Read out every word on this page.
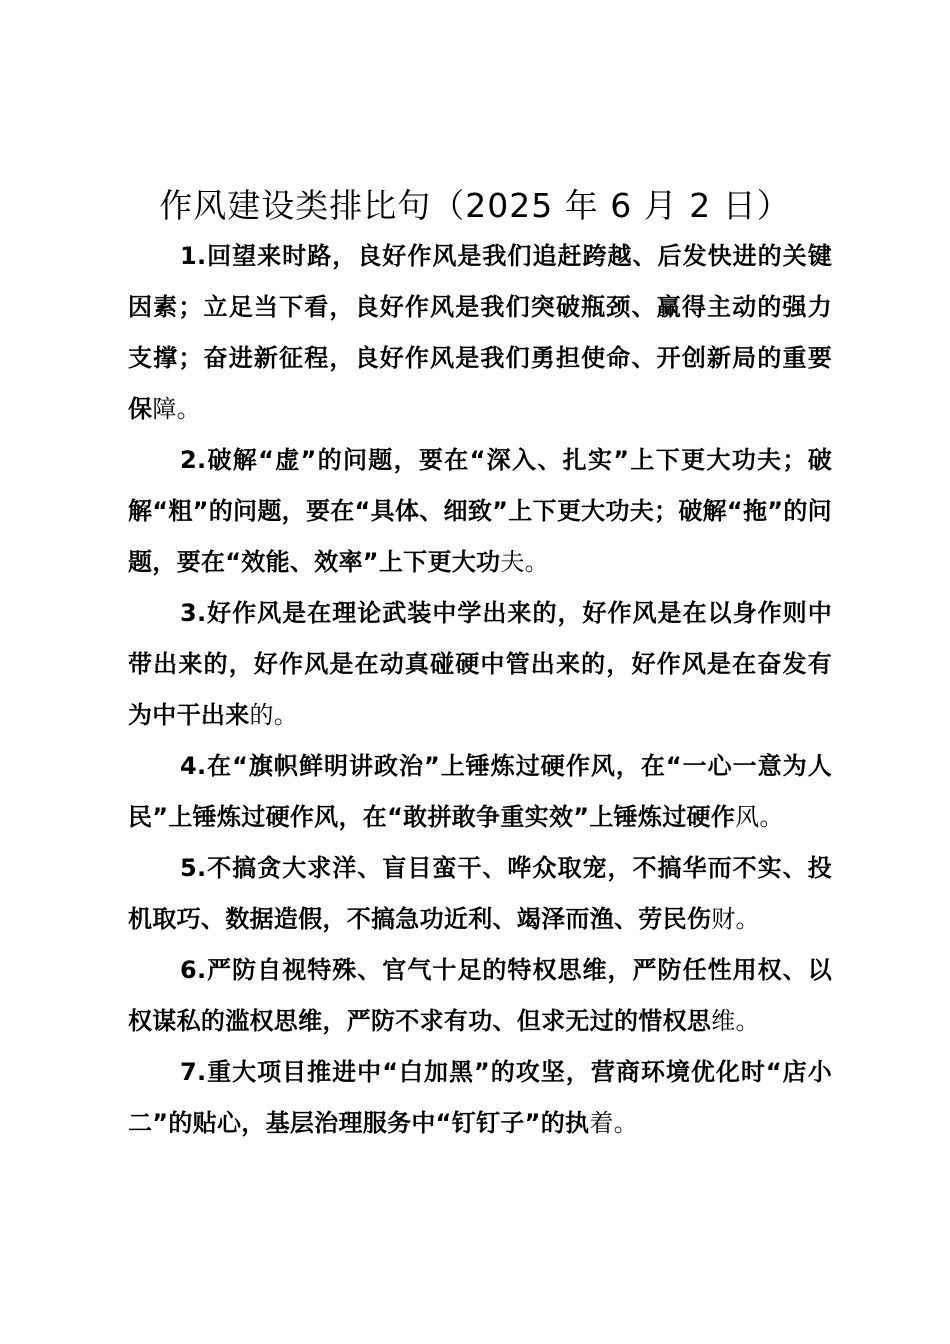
作风建设类排比句（2025 年 6 月 2 日）

1.回望来时路，良好作风是我们追赶跨越、后发快进的关键因素；立足当下看，良好作风是我们突破瓶颈、赢得主动的强力支撑；奋进新征程，良好作风是我们勇担使命、开创新局的重要保障。

2.破解“虚”的问题，要在“深入、扎实”上下更大功夫；破解“粗”的问题，要在“具体、细致”上下更大功夫；破解“拖”的问题，要在“效能、效率”上下更大功夫。

3.好作风是在理论武装中学出来的，好作风是在以身作则中带出来的，好作风是在动真碰硬中管出来的，好作风是在奋发有为中干出来的。

4.在“旗帜鲜明讲政治”上锤炼过硬作风，在“一心一意为人民”上锤炼过硬作风，在“敢拼敢争重实效”上锤炼过硬作风。

5.不搞贪大求洋、盲目蛮干、哗众取宠，不搞华而不实、投机取巧、数据造假，不搞急功近利、竭泽而渔、劳民伤财。

6.严防自视特殊、官气十足的特权思维，严防任性用权、以权谋私的滥权思维，严防不求有功、但求无过的惜权思维。

7.重大项目推进中“白加黑”的攻坚，营商环境优化时“店小二”的贴心，基层治理服务中“钉钉子”的执着。
